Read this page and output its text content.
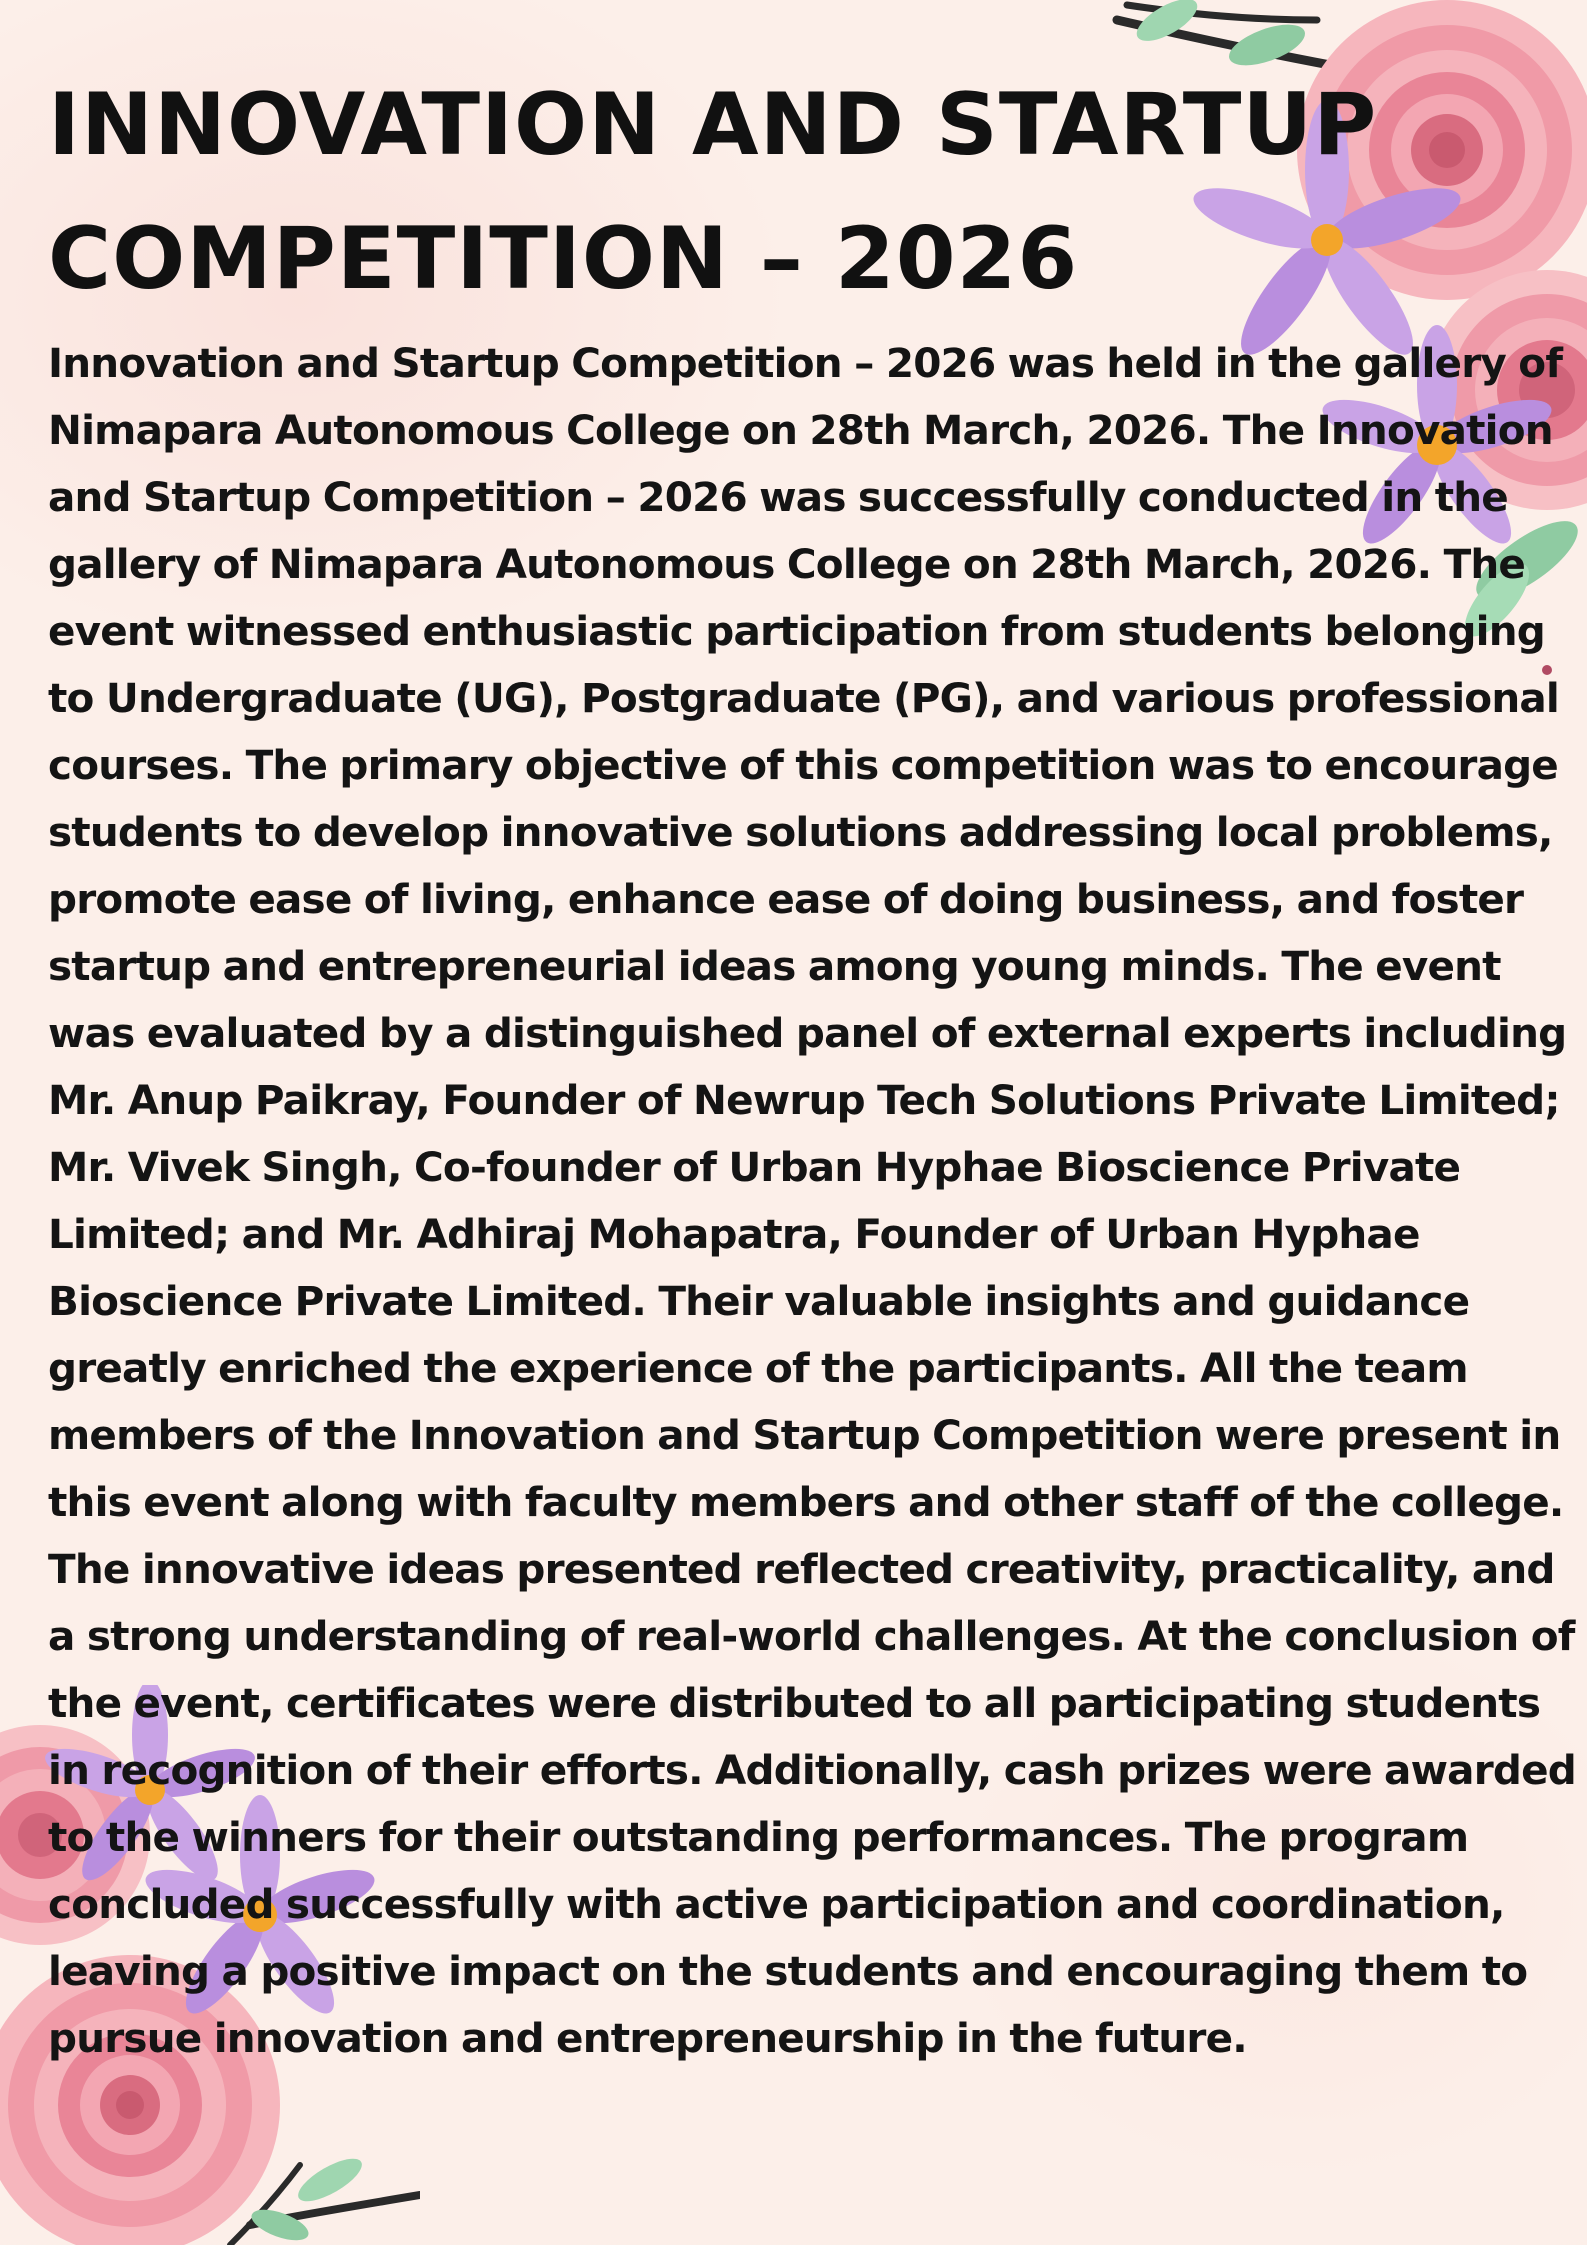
INNOVATION AND STARTUP COMPETITION – 2026

Innovation and Startup Competition – 2026 was held in the gallery of Nimapara Autonomous College on 28th March, 2026. The Innovation and Startup Competition – 2026 was successfully conducted in the gallery of Nimapara Autonomous College on 28th March, 2026. The event witnessed enthusiastic participation from students belonging to Undergraduate (UG), Postgraduate (PG), and various professional courses. The primary objective of this competition was to encourage students to develop innovative solutions addressing local problems, promote ease of living, enhance ease of doing business, and foster startup and entrepreneurial ideas among young minds. The event was evaluated by a distinguished panel of external experts including Mr. Anup Paikray, Founder of Newrup Tech Solutions Private Limited; Mr. Vivek Singh, Co-founder of Urban Hyphae Bioscience Private Limited; and Mr. Adhiraj Mohapatra, Founder of Urban Hyphae Bioscience Private Limited. Their valuable insights and guidance greatly enriched the experience of the participants. All the team members of the Innovation and Startup Competition were present in this event along with faculty members and other staff of the college. The innovative ideas presented reflected creativity, practicality, and a strong understanding of real-world challenges. At the conclusion of the event, certificates were distributed to all participating students in recognition of their efforts. Additionally, cash prizes were awarded to the winners for their outstanding performances. The program concluded successfully with active participation and coordination, leaving a positive impact on the students and encouraging them to pursue innovation and entrepreneurship in the future.
